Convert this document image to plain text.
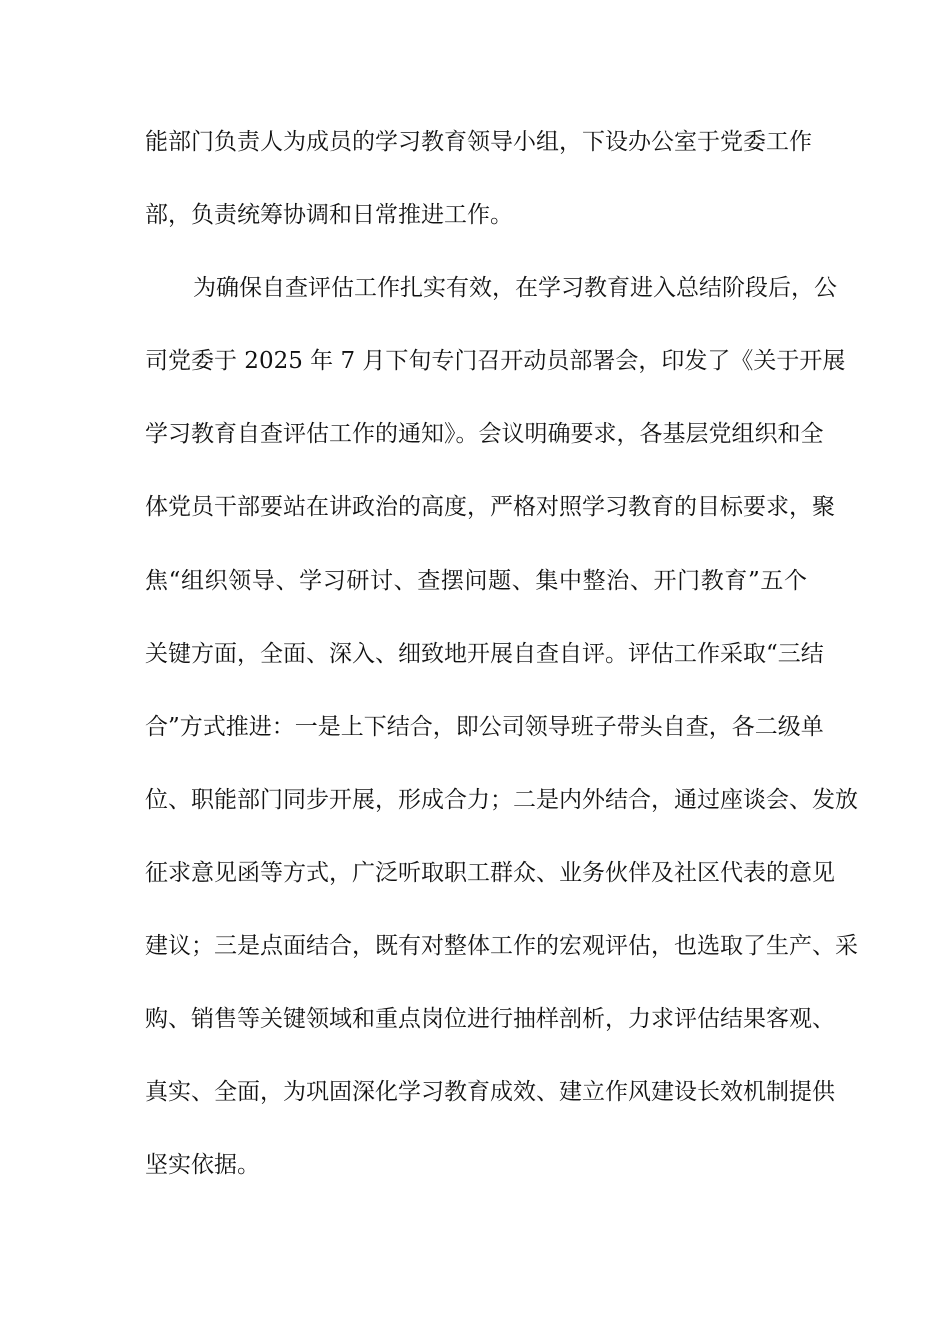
能部门负责人为成员的学习教育领导小组，下设办公室于党委工作
部，负责统筹协调和日常推进工作。
为确保自查评估工作扎实有效，在学习教育进入总结阶段后，公
司党委于 2025 年 7 月下旬专门召开动员部署会，印发了《关于开展
学习教育自查评估工作的通知》。会议明确要求，各基层党组织和全
体党员干部要站在讲政治的高度，严格对照学习教育的目标要求，聚
焦“组织领导、学习研讨、查摆问题、集中整治、开门教育”五个
关键方面，全面、深入、细致地开展自查自评。评估工作采取“三结
合”方式推进：一是上下结合，即公司领导班子带头自查，各二级单
位、职能部门同步开展，形成合力；二是内外结合，通过座谈会、发放
征求意见函等方式，广泛听取职工群众、业务伙伴及社区代表的意见
建议；三是点面结合，既有对整体工作的宏观评估，也选取了生产、采
购、销售等关键领域和重点岗位进行抽样剖析，力求评估结果客观、
真实、全面，为巩固深化学习教育成效、建立作风建设长效机制提供
坚实依据。
